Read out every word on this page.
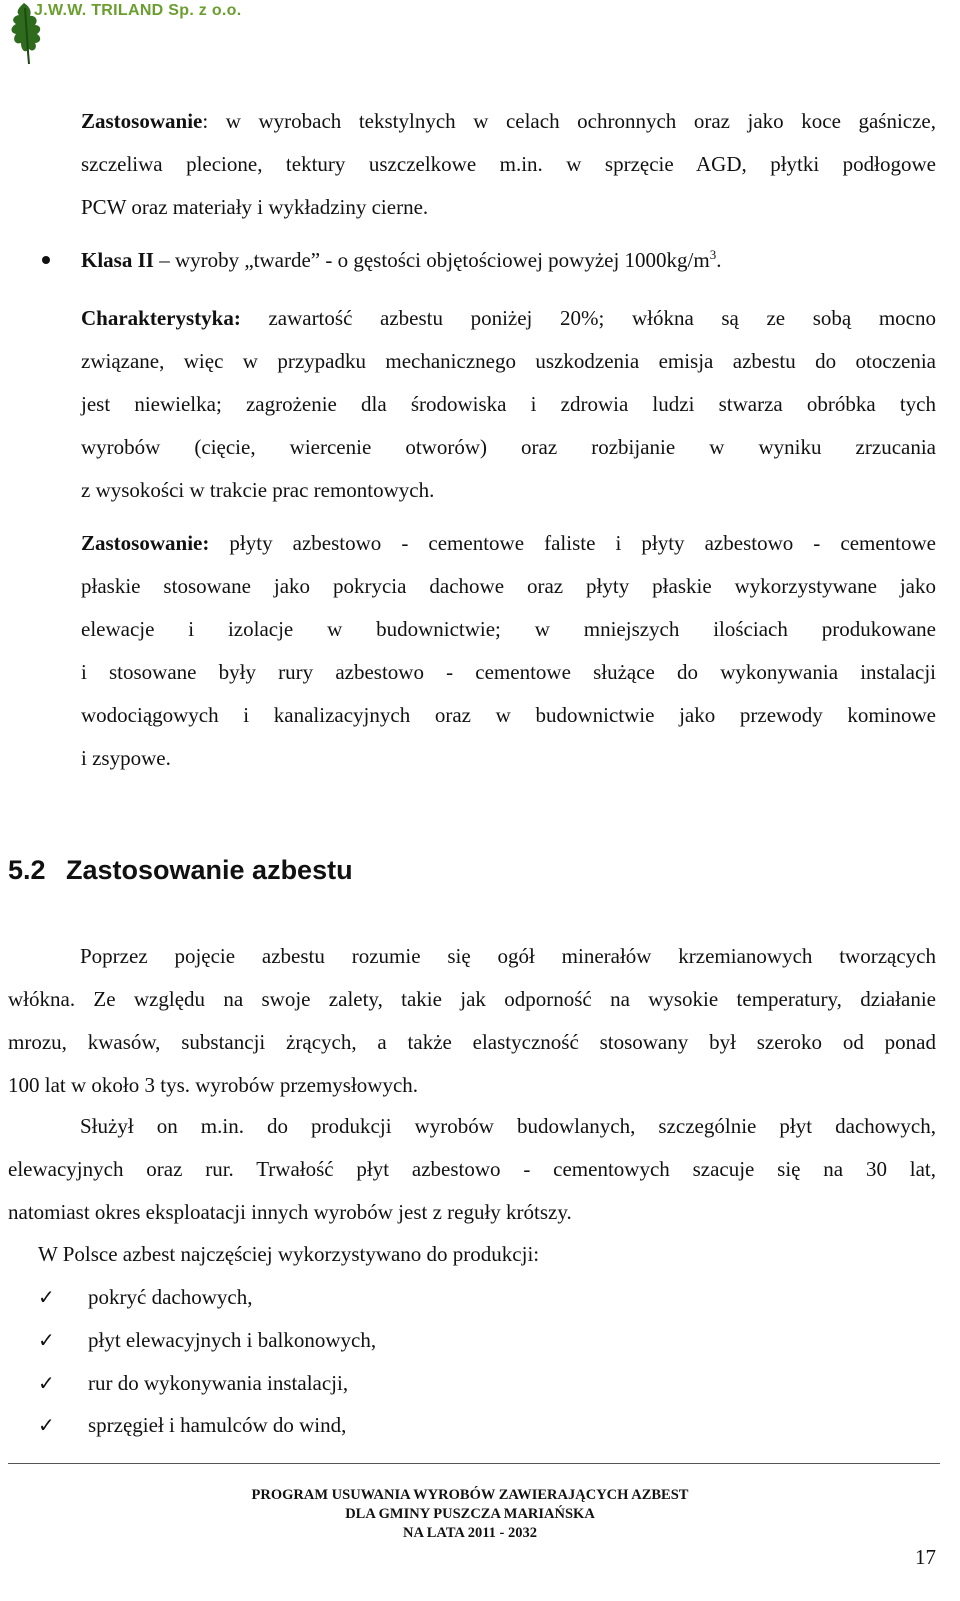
J.W.W. TRILAND Sp. z o.o.
Zastosowanie: w wyrobach tekstylnych w celach ochronnych oraz jako koce gaśnicze,
szczeliwa plecione, tektury uszczelkowe m.in. w sprzęcie AGD, płytki podłogowe
PCW oraz materiały i wykładziny cierne.
Klasa II – wyroby „twarde” - o gęstości objętościowej powyżej $1000kg/m^3$.
Charakterystyka: zawartość azbestu poniżej 20%; włókna są ze sobą mocno
związane, więc w przypadku mechanicznego uszkodzenia emisja azbestu do otoczenia
jest niewielka; zagrożenie dla środowiska i zdrowia ludzi stwarza obróbka tych
wyrobów (cięcie, wiercenie otworów) oraz rozbijanie w wyniku zrzucania
z wysokości w trakcie prac remontowych.
Zastosowanie: płyty azbestowo - cementowe faliste i płyty azbestowo - cementowe
płaskie stosowane jako pokrycia dachowe oraz płyty płaskie wykorzystywane jako
elewacje i izolacje w budownictwie; w mniejszych ilościach produkowane
i stosowane były rury azbestowo - cementowe służące do wykonywania instalacji
wodociągowych i kanalizacyjnych oraz w budownictwie jako przewody kominowe
i zsypowe.
5.2 Zastosowanie azbestu
Poprzez pojęcie azbestu rozumie się ogół minerałów krzemianowych tworzących
włókna. Ze względu na swoje zalety, takie jak odporność na wysokie temperatury, działanie
mrozu, kwasów, substancji żrących, a także elastyczność stosowany był szeroko od ponad
100 lat w około 3 tys. wyrobów przemysłowych.
Służył on m.in. do produkcji wyrobów budowlanych, szczególnie płyt dachowych,
elewacyjnych oraz rur. Trwałość płyt azbestowo - cementowych szacuje się na 30 lat,
natomiast okres eksploatacji innych wyrobów jest z reguły krótszy.
W Polsce azbest najczęściej wykorzystywano do produkcji:
✓ pokryć dachowych,
✓ płyt elewacyjnych i balkonowych,
✓ rur do wykonywania instalacji,
✓ sprzęgieł i hamulców do wind,
PROGRAM USUWANIA WYROBÓW ZAWIERAJĄCYCH AZBEST
DLA GMINY PUSZCZA MARIAŃSKA
NA LATA 2011 - 2032
17
